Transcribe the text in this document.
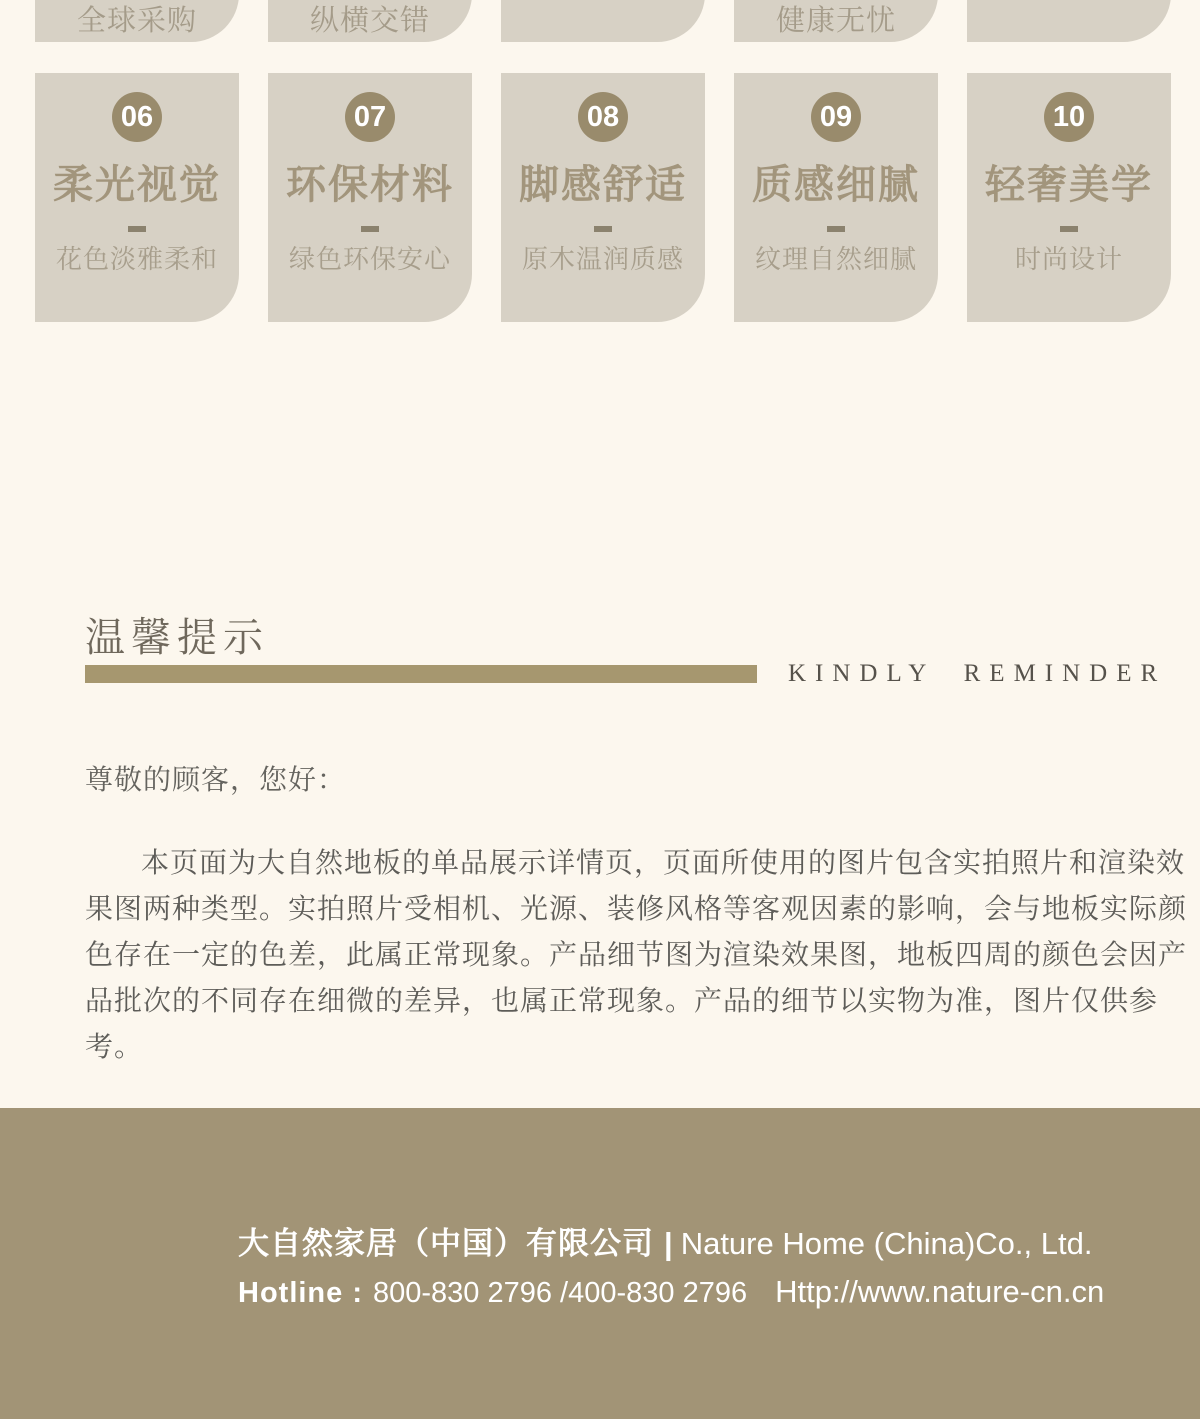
全球采购	纵横交错	健康无忧
06
柔光视觉
花色淡雅柔和
07
环保材料
绿色环保安心
08
脚感舒适
原木温润质感
09
质感细腻
纹理自然细腻
10
轻奢美学
时尚设计
温馨提示
KINDLY REMINDER
尊敬的顾客，您好：
本页面为大自然地板的单品展示详情页，页面所使用的图片包含实拍照片和渲染效
果图两种类型。实拍照片受相机、光源、装修风格等客观因素的影响，会与地板实际颜
色存在一定的色差，此属正常现象。产品细节图为渲染效果图，地板四周的颜色会因产
品批次的不同存在细微的差异，也属正常现象。产品的细节以实物为准，图片仅供参
考。
大自然家居（中国）有限公司 | Nature Home (China)Co., Ltd.
Hotline : 800-830 2796 /400-830 2796 Http://www.nature-cn.cn
